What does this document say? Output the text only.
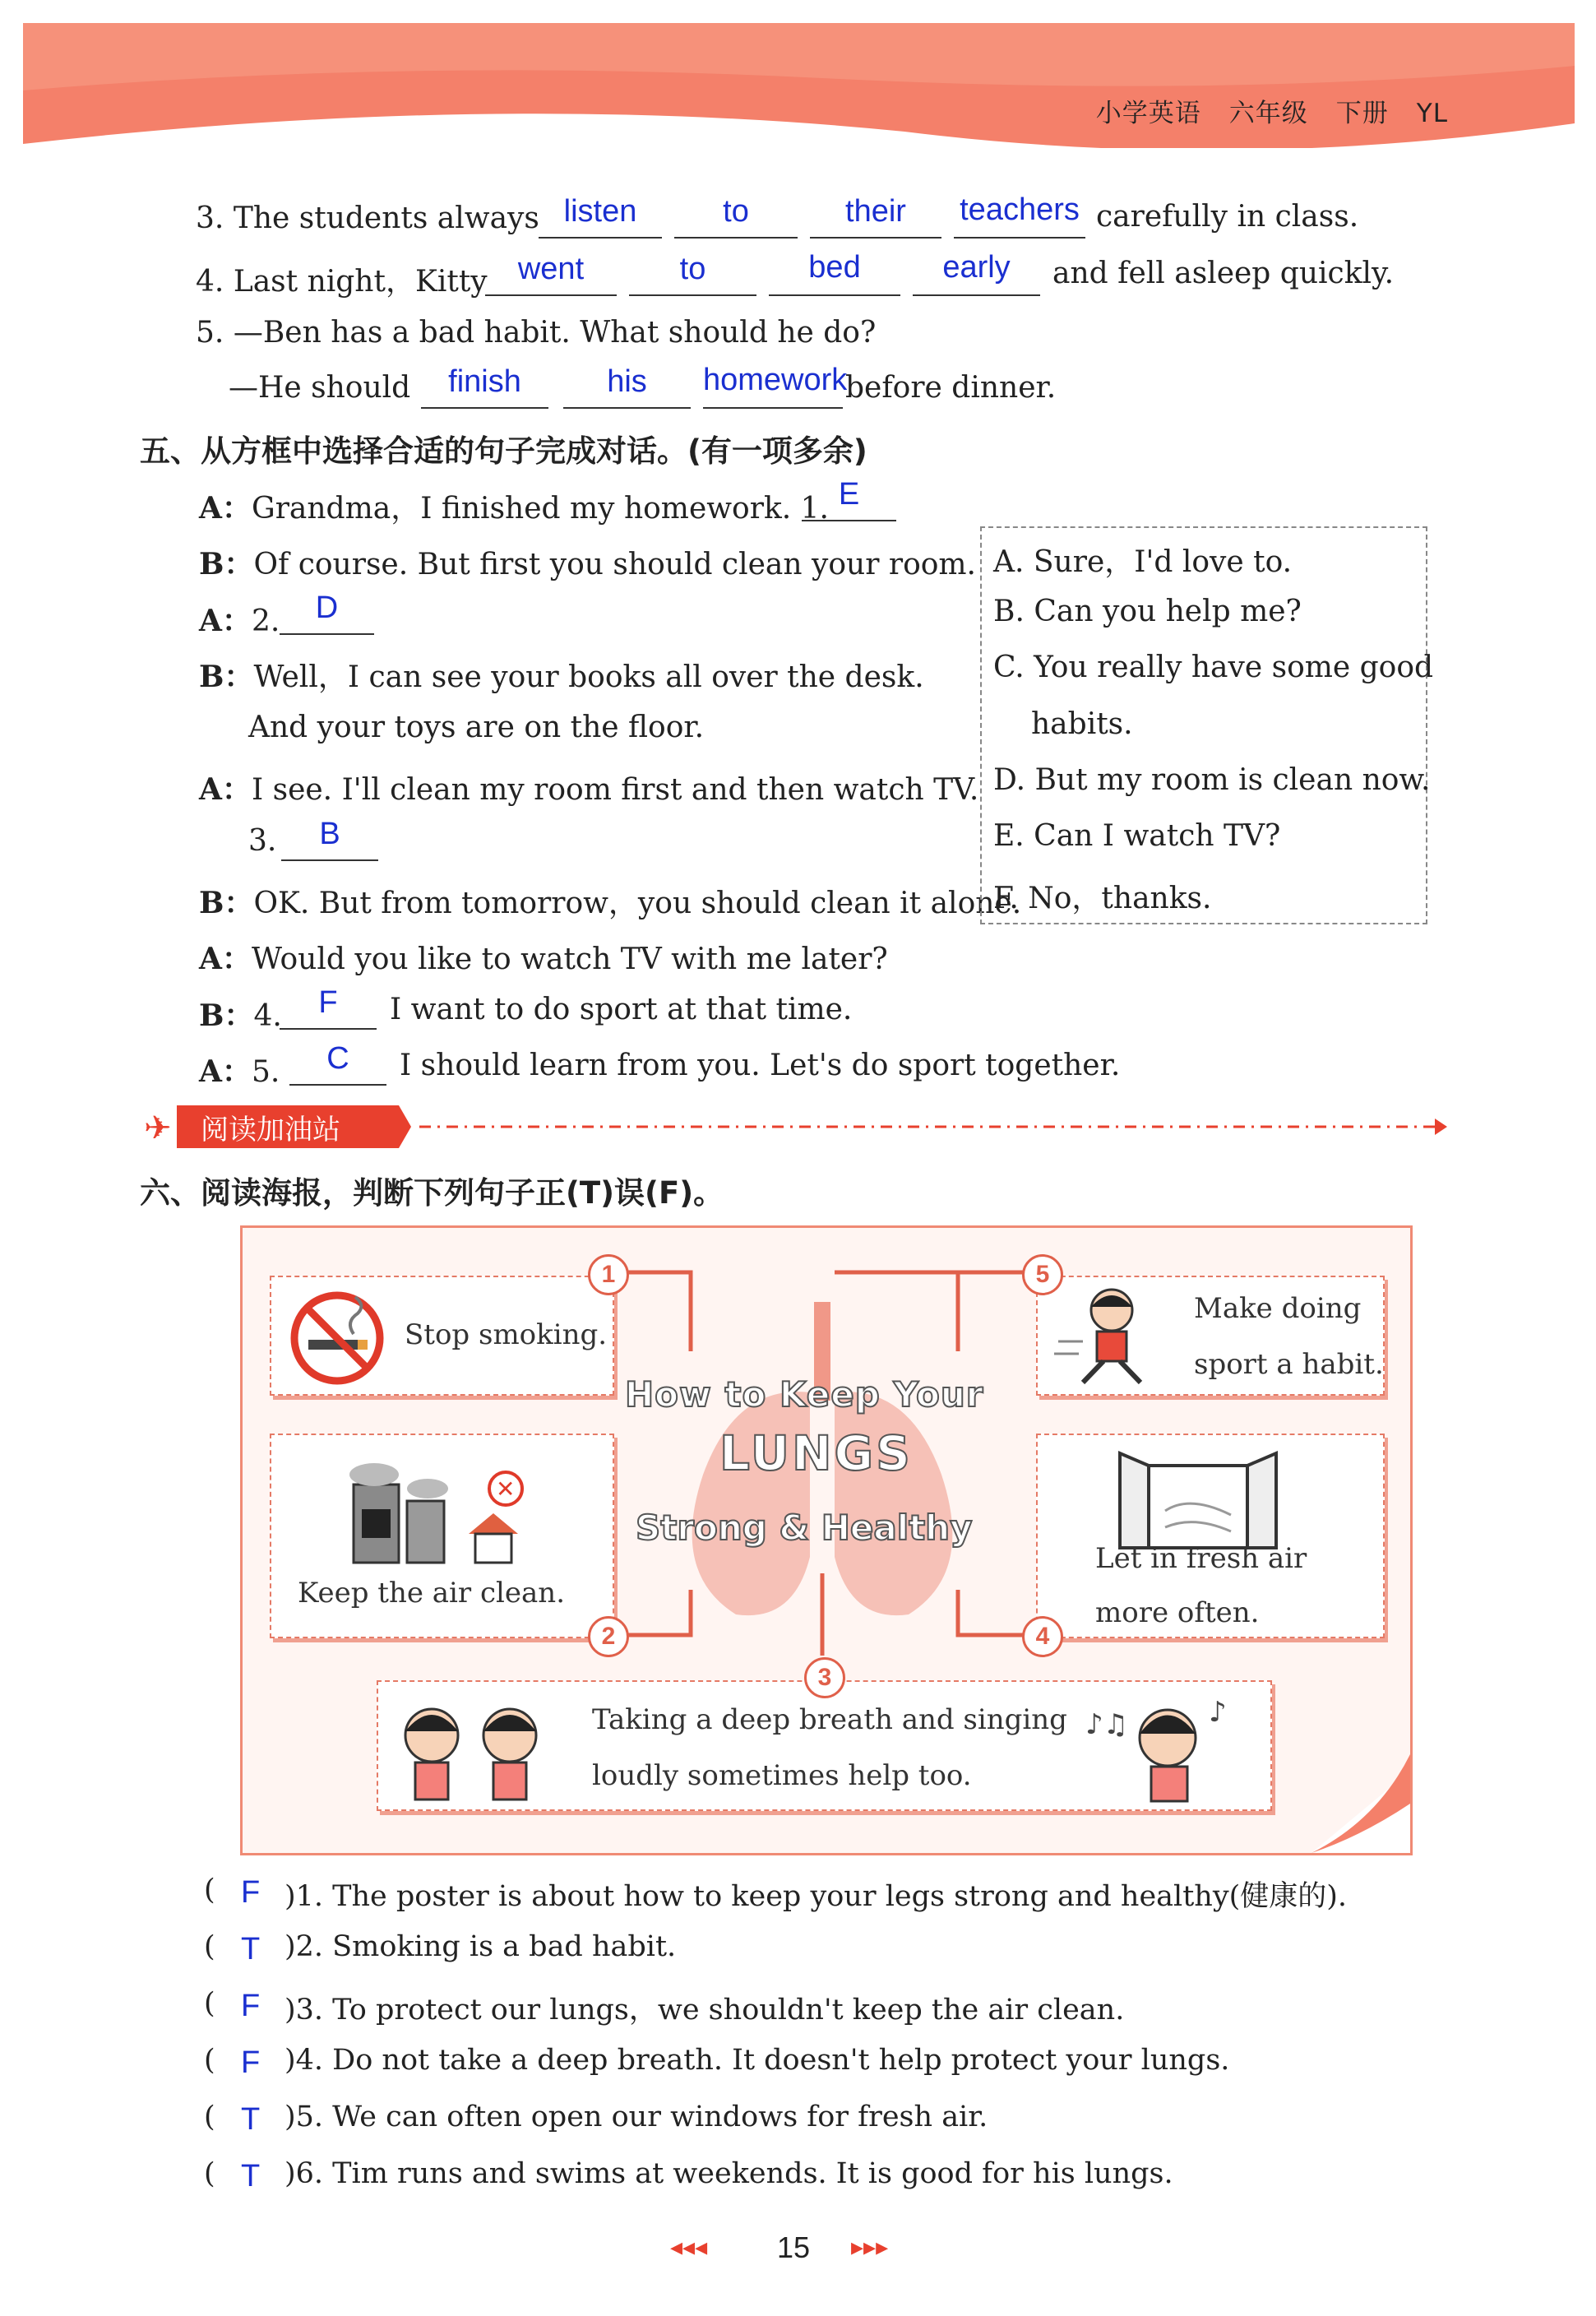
小学英语 六年级 下册 YL
3. The students always listen	to	their	teachers carefully in class.
4. Last night，Kitty went	to	bed	early	and fell asleep quickly.
5. —Ben has a bad habit. What should he do?
—He should	finish	his	homework
before dinner.
五、从方框中选择合适的句子完成对话。(有一项多余)
A：Grandma，I finished my homework. 1. E
B：Of course. But first you should clean your room.
A：2.	D
B：Well，I can see your books all over the desk.
And your toys are on the floor.
A：I see. I'll clean my room first and then watch TV.
3.	B
B：OK. But from tomorrow，you should clean it alone.
A：Would you like to watch TV with me later?
B：4.	F	I want to do sport at that time.
A：5.	C	I should learn from you. Let's do sport together.
A. Sure，I'd love to.
B. Can you help me?
C. You really have some good
habits.
D. But my room is clean now.
E. Can I watch TV?
F. No，thanks.
✈ 阅读加油站
六、阅读海报，判断下列句子正(T)误(F)。
How to Keep Your
LUNGS
Strong & Healthy
Stop smoking.
1
✕
Keep the air clean.
2
Taking a deep breath and singing
loudly sometimes help too.
♪♫	♪
3
Let in fresh air
more often.
4
Make doing
sport a habit.
5
( F )1. The poster is about how to keep your legs strong and healthy(健康的).
( T )2. Smoking is a bad habit.
( F )3. To protect our lungs，we shouldn't keep the air clean.
( F )4. Do not take a deep breath. It doesn't help protect your lungs.
( T )5. We can often open our windows for fresh air.
( T )6. Tim runs and swims at weekends. It is good for his lungs.
◂◂◂ 15 ▸▸▸
